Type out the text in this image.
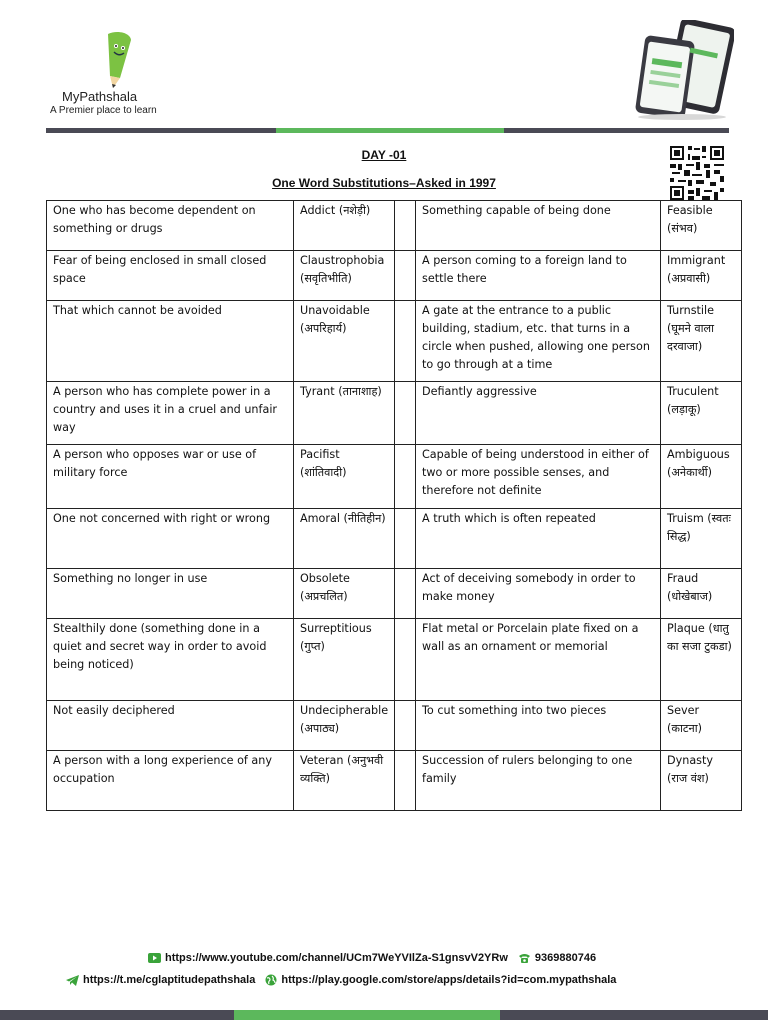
MyPathshala
A Premier place to learn
DAY -01
One Word Substitutions–Asked in 1997
One who has become dependent on something or drugs	Addict (नशेड़ी)		Something capable of being done	Feasible (संभव)
Fear of being enclosed in small closed space	Claustrophobia (सवृतिभीति)		A person coming to a foreign land to settle there	Immigrant (अप्रवासी)
That which cannot be avoided	Unavoidable (अपरिहार्य)		A gate at the entrance to a public building, stadium, etc. that turns in a circle when pushed, allowing one person to go through at a time	Turnstile (घूमने वाला दरवाजा)
A person who has complete power in a country and uses it in a cruel and unfair way	Tyrant (तानाशाह)		Defiantly aggressive	Truculent (लड़ाकू)
A person who opposes war or use of military force	Pacifist (शांतिवादी)		Capable of being understood in either of two or more possible senses, and therefore not definite	Ambiguous (अनेकार्थी)
One not concerned with right or wrong	Amoral (नीतिहीन)		A truth which is often repeated	Truism (स्वतः सिद्ध)
Something no longer in use	Obsolete (अप्रचलित)		Act of deceiving somebody in order to make money	Fraud (धोखेबाज)
Stealthily done (something done in a quiet and secret way in order to avoid being noticed)	Surreptitious (गुप्त)		Flat metal or Porcelain plate fixed on a wall as an ornament or memorial	Plaque (धातु का सजा टुकडा)
Not easily deciphered	Undecipherable (अपाठ्य)		To cut something into two pieces	Sever (काटना)
A person with a long experience of any occupation	Veteran (अनुभवी व्यक्ति)		Succession of rulers belonging to one family	Dynasty (राज वंश)
https://www.youtube.com/channel/UCm7WeYVIlZa-S1gnsvV2YRw 9369880746
https://t.me/cglaptitudepathshala https://play.google.com/store/apps/details?id=com.mypathshala
